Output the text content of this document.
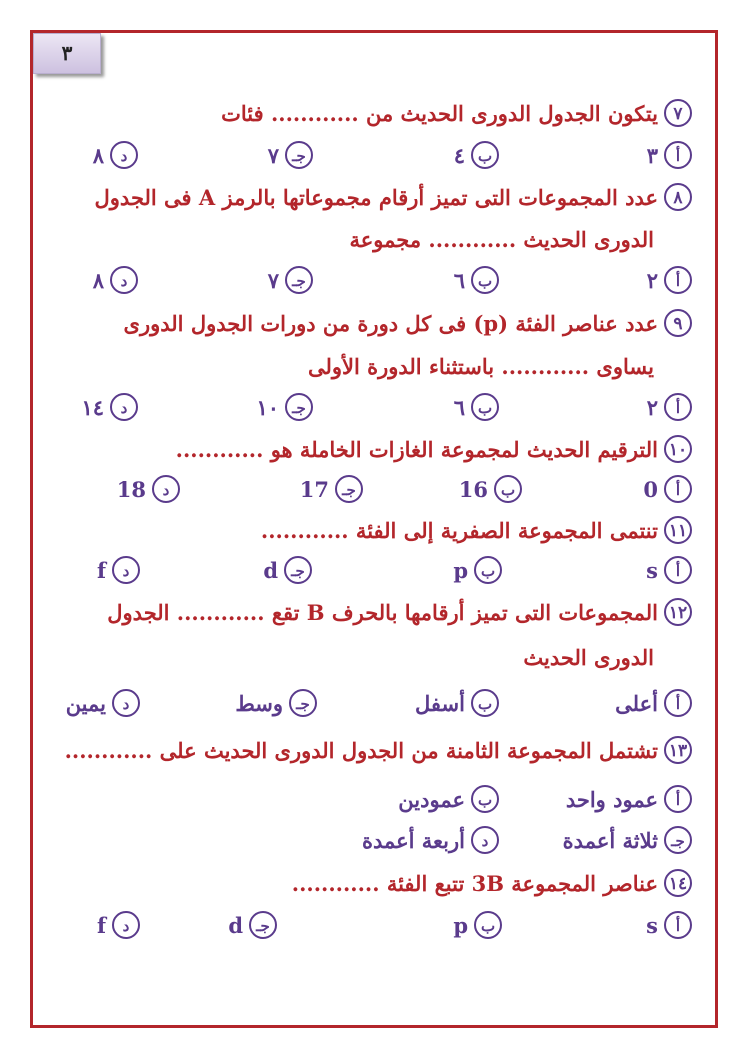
٣
٧
يتكون الجدول الدورى الحديث من ............ فئات
أ
٣
ب
٤
جـ
٧
د
٨
٨
عدد المجموعات التى تميز أرقام مجموعاتها بالرمز A فى الجدول
الدورى الحديث ............ مجموعة
أ
٢
ب
٦
جـ
٧
د
٨
٩
عدد عناصر الفئة (p) فى كل دورة من دورات الجدول الدورى
يساوى ............ باستثناء الدورة الأولى
أ
٢
ب
٦
جـ
١٠
د
١٤
١٠
الترقيم الحديث لمجموعة الغازات الخاملة هو ............
أ
0
ب
16
جـ
17
د
18
١١
تنتمى المجموعة الصفرية إلى الفئة ............
أ
s
ب
p
جـ
d
د
f
١٢
المجموعات التى تميز أرقامها بالحرف B تقع ............ الجدول
الدورى الحديث
أ
أعلى
ب
أسفل
جـ
وسط
د
يمين
١٣
تشتمل المجموعة الثامنة من الجدول الدورى الحديث على ............
أ
عمود واحد
ب
عمودين
جـ
ثلاثة أعمدة
د
أربعة أعمدة
١٤
عناصر المجموعة 3B تتبع الفئة ............
أ
s
ب
p
جـ
d
د
f
